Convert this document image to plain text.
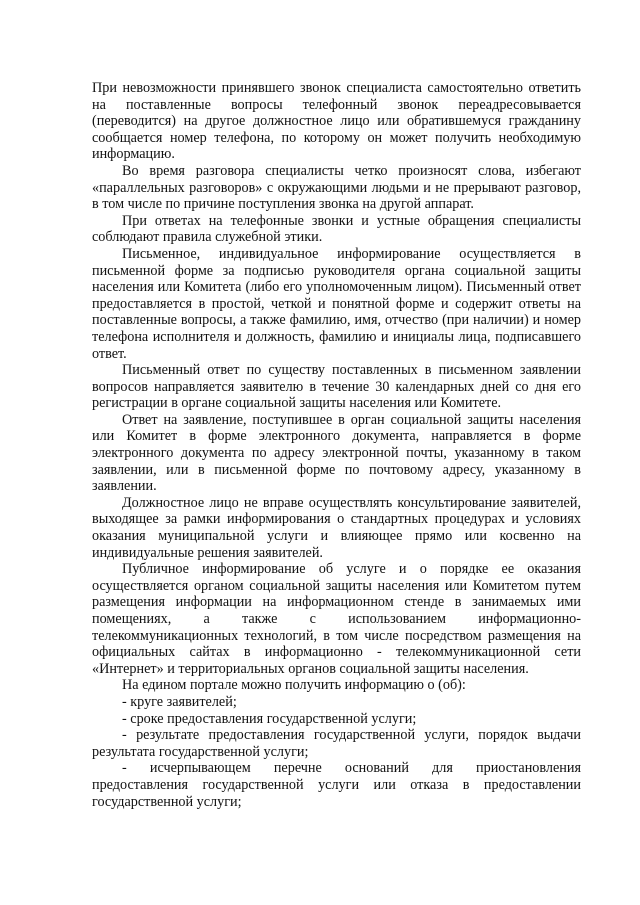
При невозможности принявшего звонок специалиста самостоятельно ответить на поставленные вопросы телефонный звонок переадресовывается (переводится) на другое должностное лицо или обратившемуся гражданину сообщается номер телефона, по которому он может получить необходимую информацию.

Во время разговора специалисты четко произносят слова, избегают «параллельных разговоров» с окружающими людьми и не прерывают разговор, в том числе по причине поступления звонка на другой аппарат.

При ответах на телефонные звонки и устные обращения специалисты соблюдают правила служебной этики.

Письменное, индивидуальное информирование осуществляется в письменной форме за подписью руководителя органа социальной защиты населения или Комитета (либо его уполномоченным лицом). Письменный ответ предоставляется в простой, четкой и понятной форме и содержит ответы на поставленные вопросы, а также фамилию, имя, отчество (при наличии) и номер телефона исполнителя и должность, фамилию и инициалы лица, подписавшего ответ.

Письменный ответ по существу поставленных в письменном заявлении вопросов направляется заявителю в течение 30 календарных дней со дня его регистрации в органе социальной защиты населения или Комитете.

Ответ на заявление, поступившее в орган социальной защиты населения или Комитет в форме электронного документа, направляется в форме электронного документа по адресу электронной почты, указанному в таком заявлении, или в письменной форме по почтовому адресу, указанному в заявлении.

Должностное лицо не вправе осуществлять консультирование заявителей, выходящее за рамки информирования о стандартных процедурах и условиях оказания муниципальной услуги и влияющее прямо или косвенно на индивидуальные решения заявителей.

Публичное информирование об услуге и о порядке ее оказания осуществляется органом социальной защиты населения или Комитетом путем размещения информации на информационном стенде в занимаемых ими помещениях, а также с использованием информационно-телекоммуникационных технологий, в том числе посредством размещения на официальных сайтах в информационно - телекоммуникационной сети «Интернет» и территориальных органов социальной защиты населения.

На едином портале можно получить информацию о (об):

- круге заявителей;

- сроке предоставления государственной услуги;

- результате предоставления государственной услуги, порядок выдачи результата государственной услуги;

- исчерпывающем перечне оснований для приостановления предоставления государственной услуги или отказа в предоставлении государственной услуги;
